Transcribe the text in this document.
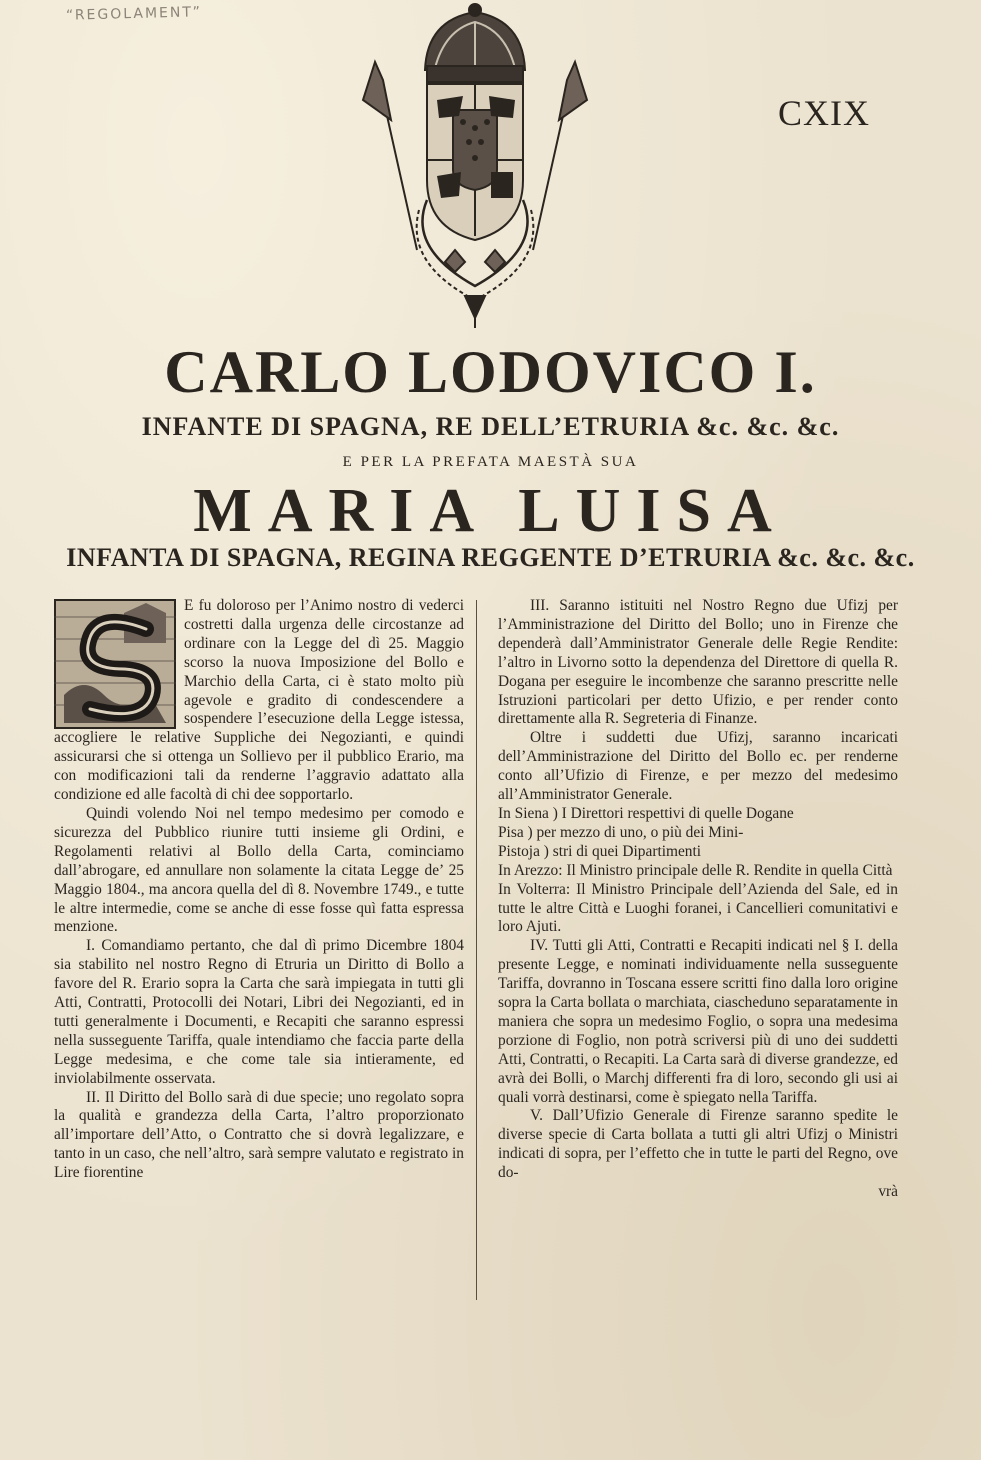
“REGOLAMENT”
CXIX
CARLO LODOVICO I.
INFANTE DI SPAGNA, RE DELL’ETRURIA &c. &c. &c.
E PER LA PREFATA MAESTÀ SUA
MARIA LUISA
INFANTA DI SPAGNA, REGINA REGGENTE D’ETRURIA &c. &c. &c.

E fu doloroso per l’Animo nostro di vederci costretti dalla urgenza delle circostanze ad ordinare con la Legge del dì 25. Maggio scorso la nuova Imposizione del Bollo e Marchio della Carta, ci è stato molto più agevole e gradito di condescendere a sospendere l’esecuzione della Legge istessa, accogliere le relative Suppliche dei Negozianti, e quindi assicurarsi che si ottenga un Sollievo per il pubblico Erario, ma con modificazioni tali da renderne l’aggravio adattato alla condizione ed alle facoltà di chi dee sopportarlo.

Quindi volendo Noi nel tempo medesimo per comodo e sicurezza del Pubblico riunire tutti insieme gli Ordini, e Regolamenti relativi al Bollo della Carta, cominciamo dall’abrogare, ed annullare non solamente la citata Legge de’ 25 Maggio 1804., ma ancora quella del dì 8. Novembre 1749., e tutte le altre intermedie, come se anche di esse fosse quì fatta espressa menzione.

I. Comandiamo pertanto, che dal dì primo Dicembre 1804 sia stabilito nel nostro Regno di Etruria un Diritto di Bollo a favore del R. Erario sopra la Carta che sarà impiegata in tutti gli Atti, Contratti, Protocolli dei Notari, Libri dei Negozianti, ed in tutti generalmente i Documenti, e Recapiti che saranno espressi nella susseguente Tariffa, quale intendiamo che faccia parte della Legge medesima, e che come tale sia intieramente, ed inviolabilmente osservata.

II. Il Diritto del Bollo sarà di due specie; uno regolato sopra la qualità e grandezza della Carta, l’altro proporzionato all’importare dell’Atto, o Contratto che si dovrà legalizzare, e tanto in un caso, che nell’altro, sarà sempre valutato e registrato in Lire fiorentine

III. Saranno istituiti nel Nostro Regno due Ufizj per l’Amministrazione del Diritto del Bollo; uno in Firenze che dependerà dall’Amministrator Generale delle Regie Rendite: l’altro in Livorno sotto la dependenza del Direttore di quella R. Dogana per eseguire le incombenze che saranno prescritte nelle Istruzioni particolari per detto Ufizio, e per render conto direttamente alla R. Segreteria di Finanze.

Oltre i suddetti due Ufizj, saranno incaricati dell’Amministrazione del Diritto del Bollo ec. per renderne conto all’Ufizio di Firenze, e per mezzo del medesimo all’Amministrator Generale.

In Siena ) I Direttori respettivi di quelle Dogane

Pisa ) per mezzo di uno, o più dei Mini-

Pistoja ) stri di quei Dipartimenti

In Arezzo: Il Ministro principale delle R. Rendite in quella Città

In Volterra: Il Ministro Principale dell’Azienda del Sale, ed in tutte le altre Città e Luoghi foranei, i Cancellieri comunitativi e loro Ajuti.

IV. Tutti gli Atti, Contratti e Recapiti indicati nel § I. della presente Legge, e nominati individuamente nella susseguente Tariffa, dovranno in Toscana essere scritti fino dalla loro origine sopra la Carta bollata o marchiata, ciascheduno separatamente in maniera che sopra un medesimo Foglio, o sopra una medesima porzione di Foglio, non potrà scriversi più di uno dei suddetti Atti, Contratti, o Recapiti. La Carta sarà di diverse grandezze, ed avrà dei Bolli, o Marchj differenti fra di loro, secondo gli usi ai quali vorrà destinarsi, come è spiegato nella Tariffa.

V. Dall’Ufizio Generale di Firenze saranno spedite le diverse specie di Carta bollata a tutti gli altri Ufizj o Ministri indicati di sopra, per l’effetto che in tutte le parti del Regno, ove do-

vrà
